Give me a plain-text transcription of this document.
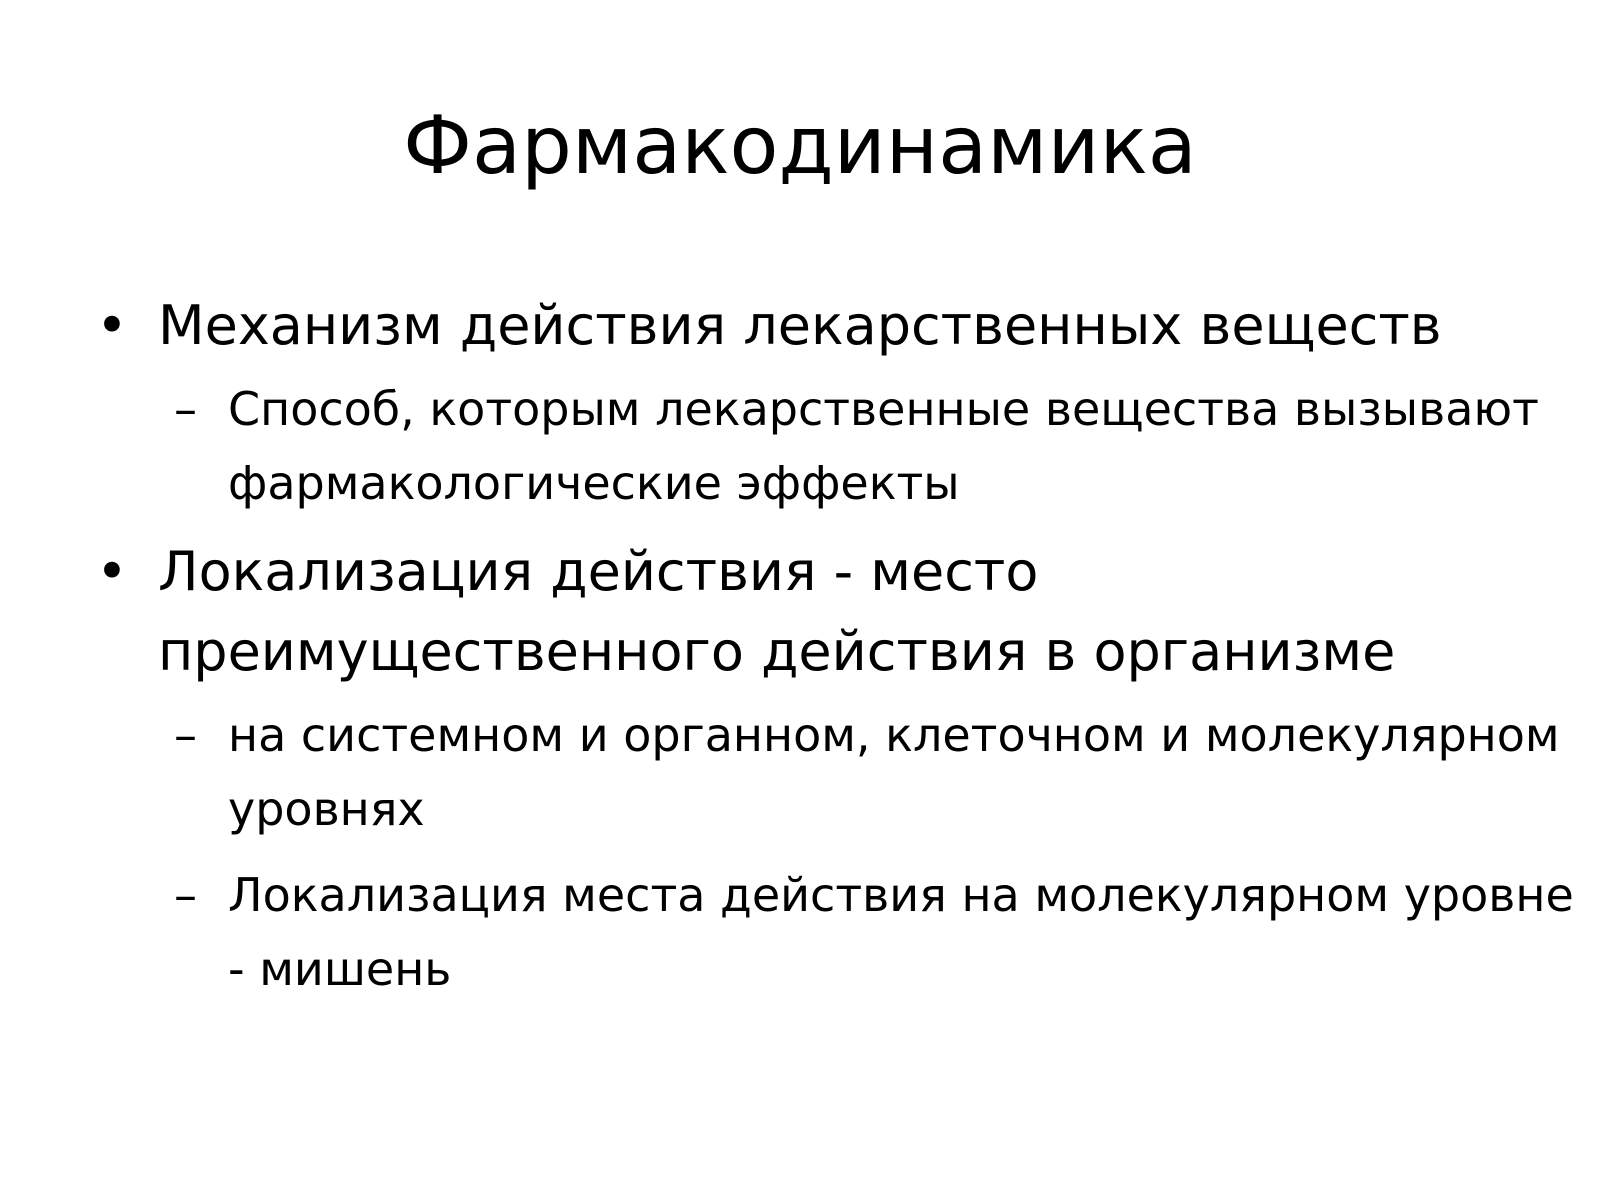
Фармакодинамика
• Механизм действия лекарственных веществ
– Способ, которым лекарственные вещества вызывают фармакологические эффекты
• Локализация действия - место преимущественного действия в организме
– на системном и органном, клеточном и молекулярном уровнях
– Локализация места действия на молекулярном уровне - мишень
